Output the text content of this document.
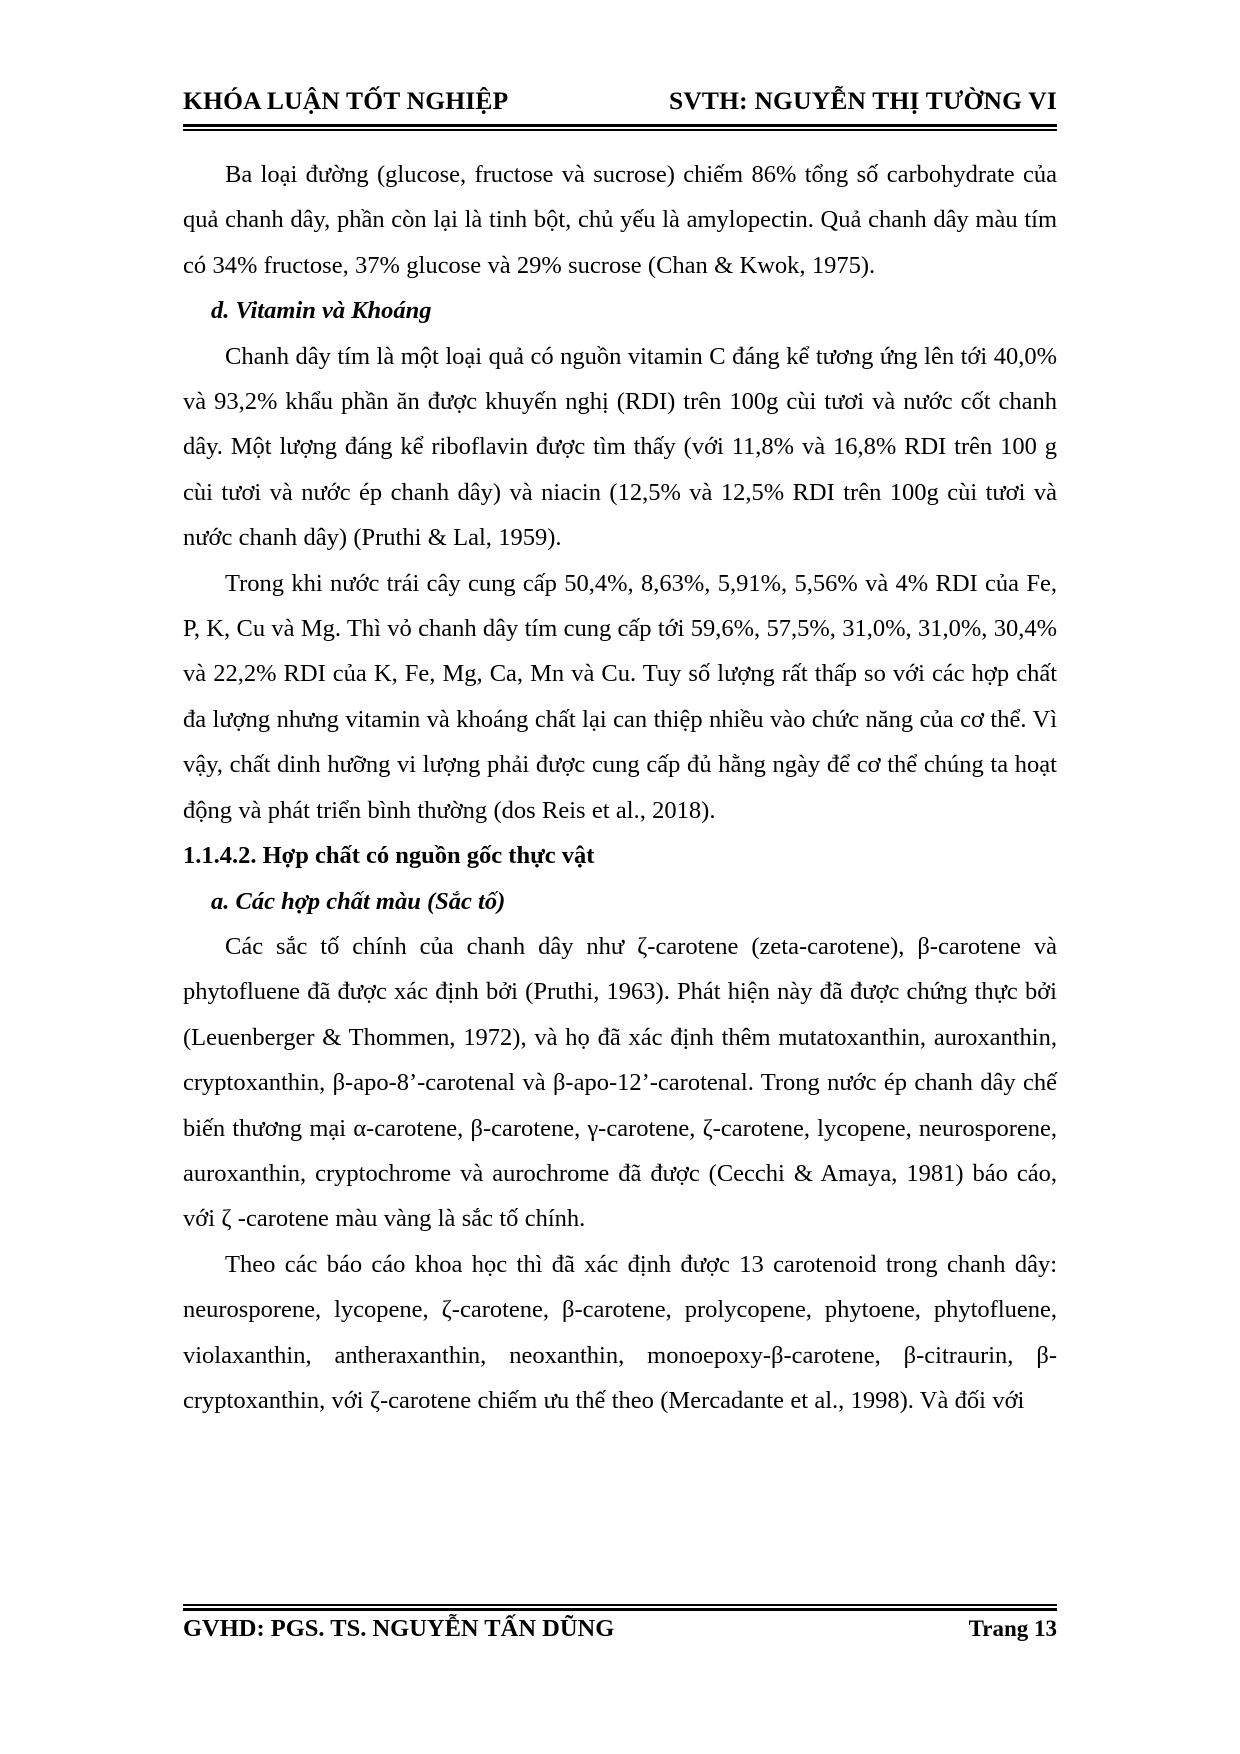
KHÓA LUẬN TỐT NGHIỆP	SVTH: NGUYỄN THỊ TƯỜNG VI

Ba loại đường (glucose, fructose và sucrose) chiếm 86% tổng số carbohydrate của quả chanh dây, phần còn lại là tinh bột, chủ yếu là amylopectin. Quả chanh dây màu tím có 34% fructose, 37% glucose và 29% sucrose (Chan & Kwok, 1975).

d. Vitamin và Khoáng

Chanh dây tím là một loại quả có nguồn vitamin C đáng kể tương ứng lên tới 40,0% và 93,2% khẩu phần ăn được khuyến nghị (RDI) trên 100g cùi tươi và nước cốt chanh dây. Một lượng đáng kể riboflavin được tìm thấy (với 11,8% và 16,8% RDI trên 100 g cùi tươi và nước ép chanh dây) và niacin (12,5% và 12,5% RDI trên 100g cùi tươi và nước chanh dây) (Pruthi & Lal, 1959).

Trong khi nước trái cây cung cấp 50,4%, 8,63%, 5,91%, 5,56% và 4% RDI của Fe, P, K, Cu và Mg. Thì vỏ chanh dây tím cung cấp tới 59,6%, 57,5%, 31,0%, 31,0%, 30,4% và 22,2% RDI của K, Fe, Mg, Ca, Mn và Cu. Tuy số lượng rất thấp so với các hợp chất đa lượng nhưng vitamin và khoáng chất lại can thiệp nhiều vào chức năng của cơ thể. Vì vậy, chất dinh hưỡng vi lượng phải được cung cấp đủ hằng ngày để cơ thể chúng ta hoạt động và phát triển bình thường (dos Reis et al., 2018).

1.1.4.2. Hợp chất có nguồn gốc thực vật
a. Các hợp chất màu (Sắc tố)

Các sắc tố chính của chanh dây như ζ-carotene (zeta-carotene), β-carotene và phytofluene đã được xác định bởi (Pruthi, 1963). Phát hiện này đã được chứng thực bởi (Leuenberger & Thommen, 1972), và họ đã xác định thêm mutatoxanthin, auroxanthin, cryptoxanthin, β-apo-8’-carotenal và β-apo-12’-carotenal. Trong nước ép chanh dây chế biến thương mại α-carotene, β-carotene, γ-carotene, ζ-carotene, lycopene, neurosporene, auroxanthin, cryptochrome và aurochrome đã được (Cecchi & Amaya, 1981) báo cáo, với ζ -carotene màu vàng là sắc tố chính.

Theo các báo cáo khoa học thì đã xác định được 13 carotenoid trong chanh dây: neurosporene, lycopene, ζ-carotene, β-carotene, prolycopene, phytoene, phytofluene, violaxanthin, antheraxanthin, neoxanthin, monoepoxy-β-carotene, β-citraurin, β-cryptoxanthin, với ζ-carotene chiếm ưu thế theo (Mercadante et al., 1998). Và đối với

GVHD: PGS. TS. NGUYỄN TẤN DŨNG	Trang 13
